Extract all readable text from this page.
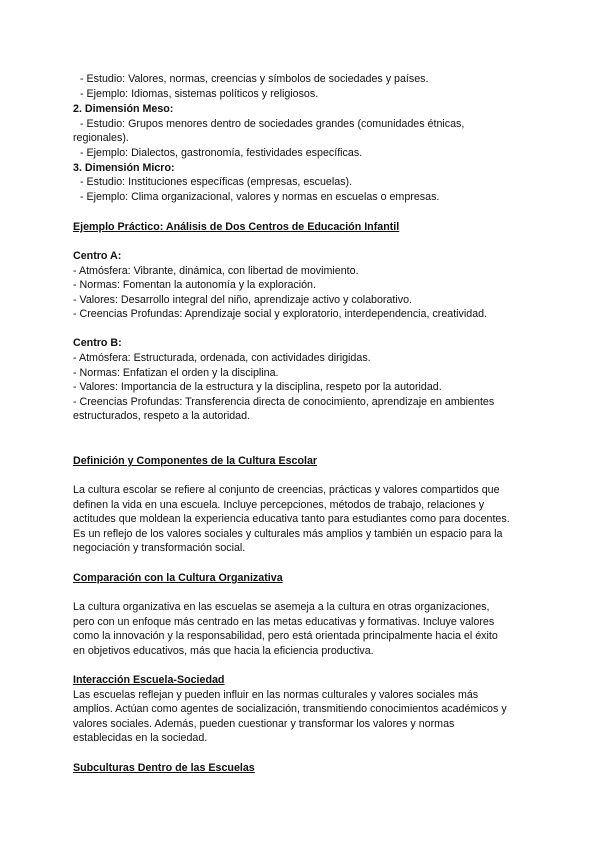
- Estudio: Valores, normas, creencias y símbolos de sociedades y países.
- Ejemplo: Idiomas, sistemas políticos y religiosos.
2. Dimensión Meso:
- Estudio: Grupos menores dentro de sociedades grandes (comunidades étnicas,
regionales).
- Ejemplo: Dialectos, gastronomía, festividades específicas.
3. Dimensión Micro:
- Estudio: Instituciones específicas (empresas, escuelas).
- Ejemplo: Clima organizacional, valores y normas en escuelas o empresas.
Ejemplo Práctico: Análisis de Dos Centros de Educación Infantil
Centro A:
- Atmósfera: Vibrante, dinámica, con libertad de movimiento.
- Normas: Fomentan la autonomía y la exploración.
- Valores: Desarrollo integral del niño, aprendizaje activo y colaborativo.
- Creencias Profundas: Aprendizaje social y exploratorio, interdependencia, creatividad.
Centro B:
- Atmósfera: Estructurada, ordenada, con actividades dirigidas.
- Normas: Enfatizan el orden y la disciplina.
- Valores: Importancia de la estructura y la disciplina, respeto por la autoridad.
- Creencias Profundas: Transferencia directa de conocimiento, aprendizaje en ambientes
estructurados, respeto a la autoridad.
Definición y Componentes de la Cultura Escolar
La cultura escolar se refiere al conjunto de creencias, prácticas y valores compartidos que
definen la vida en una escuela. Incluye percepciones, métodos de trabajo, relaciones y
actitudes que moldean la experiencia educativa tanto para estudiantes como para docentes.
Es un reflejo de los valores sociales y culturales más amplios y también un espacio para la
negociación y transformación social.
Comparación con la Cultura Organizativa
La cultura organizativa en las escuelas se asemeja a la cultura en otras organizaciones,
pero con un enfoque más centrado en las metas educativas y formativas. Incluye valores
como la innovación y la responsabilidad, pero está orientada principalmente hacia el éxito
en objetivos educativos, más que hacia la eficiencia productiva.
Interacción Escuela-Sociedad
Las escuelas reflejan y pueden influir en las normas culturales y valores sociales más
amplios. Actúan como agentes de socialización, transmitiendo conocimientos académicos y
valores sociales. Además, pueden cuestionar y transformar los valores y normas
establecidas en la sociedad.
Subculturas Dentro de las Escuelas
